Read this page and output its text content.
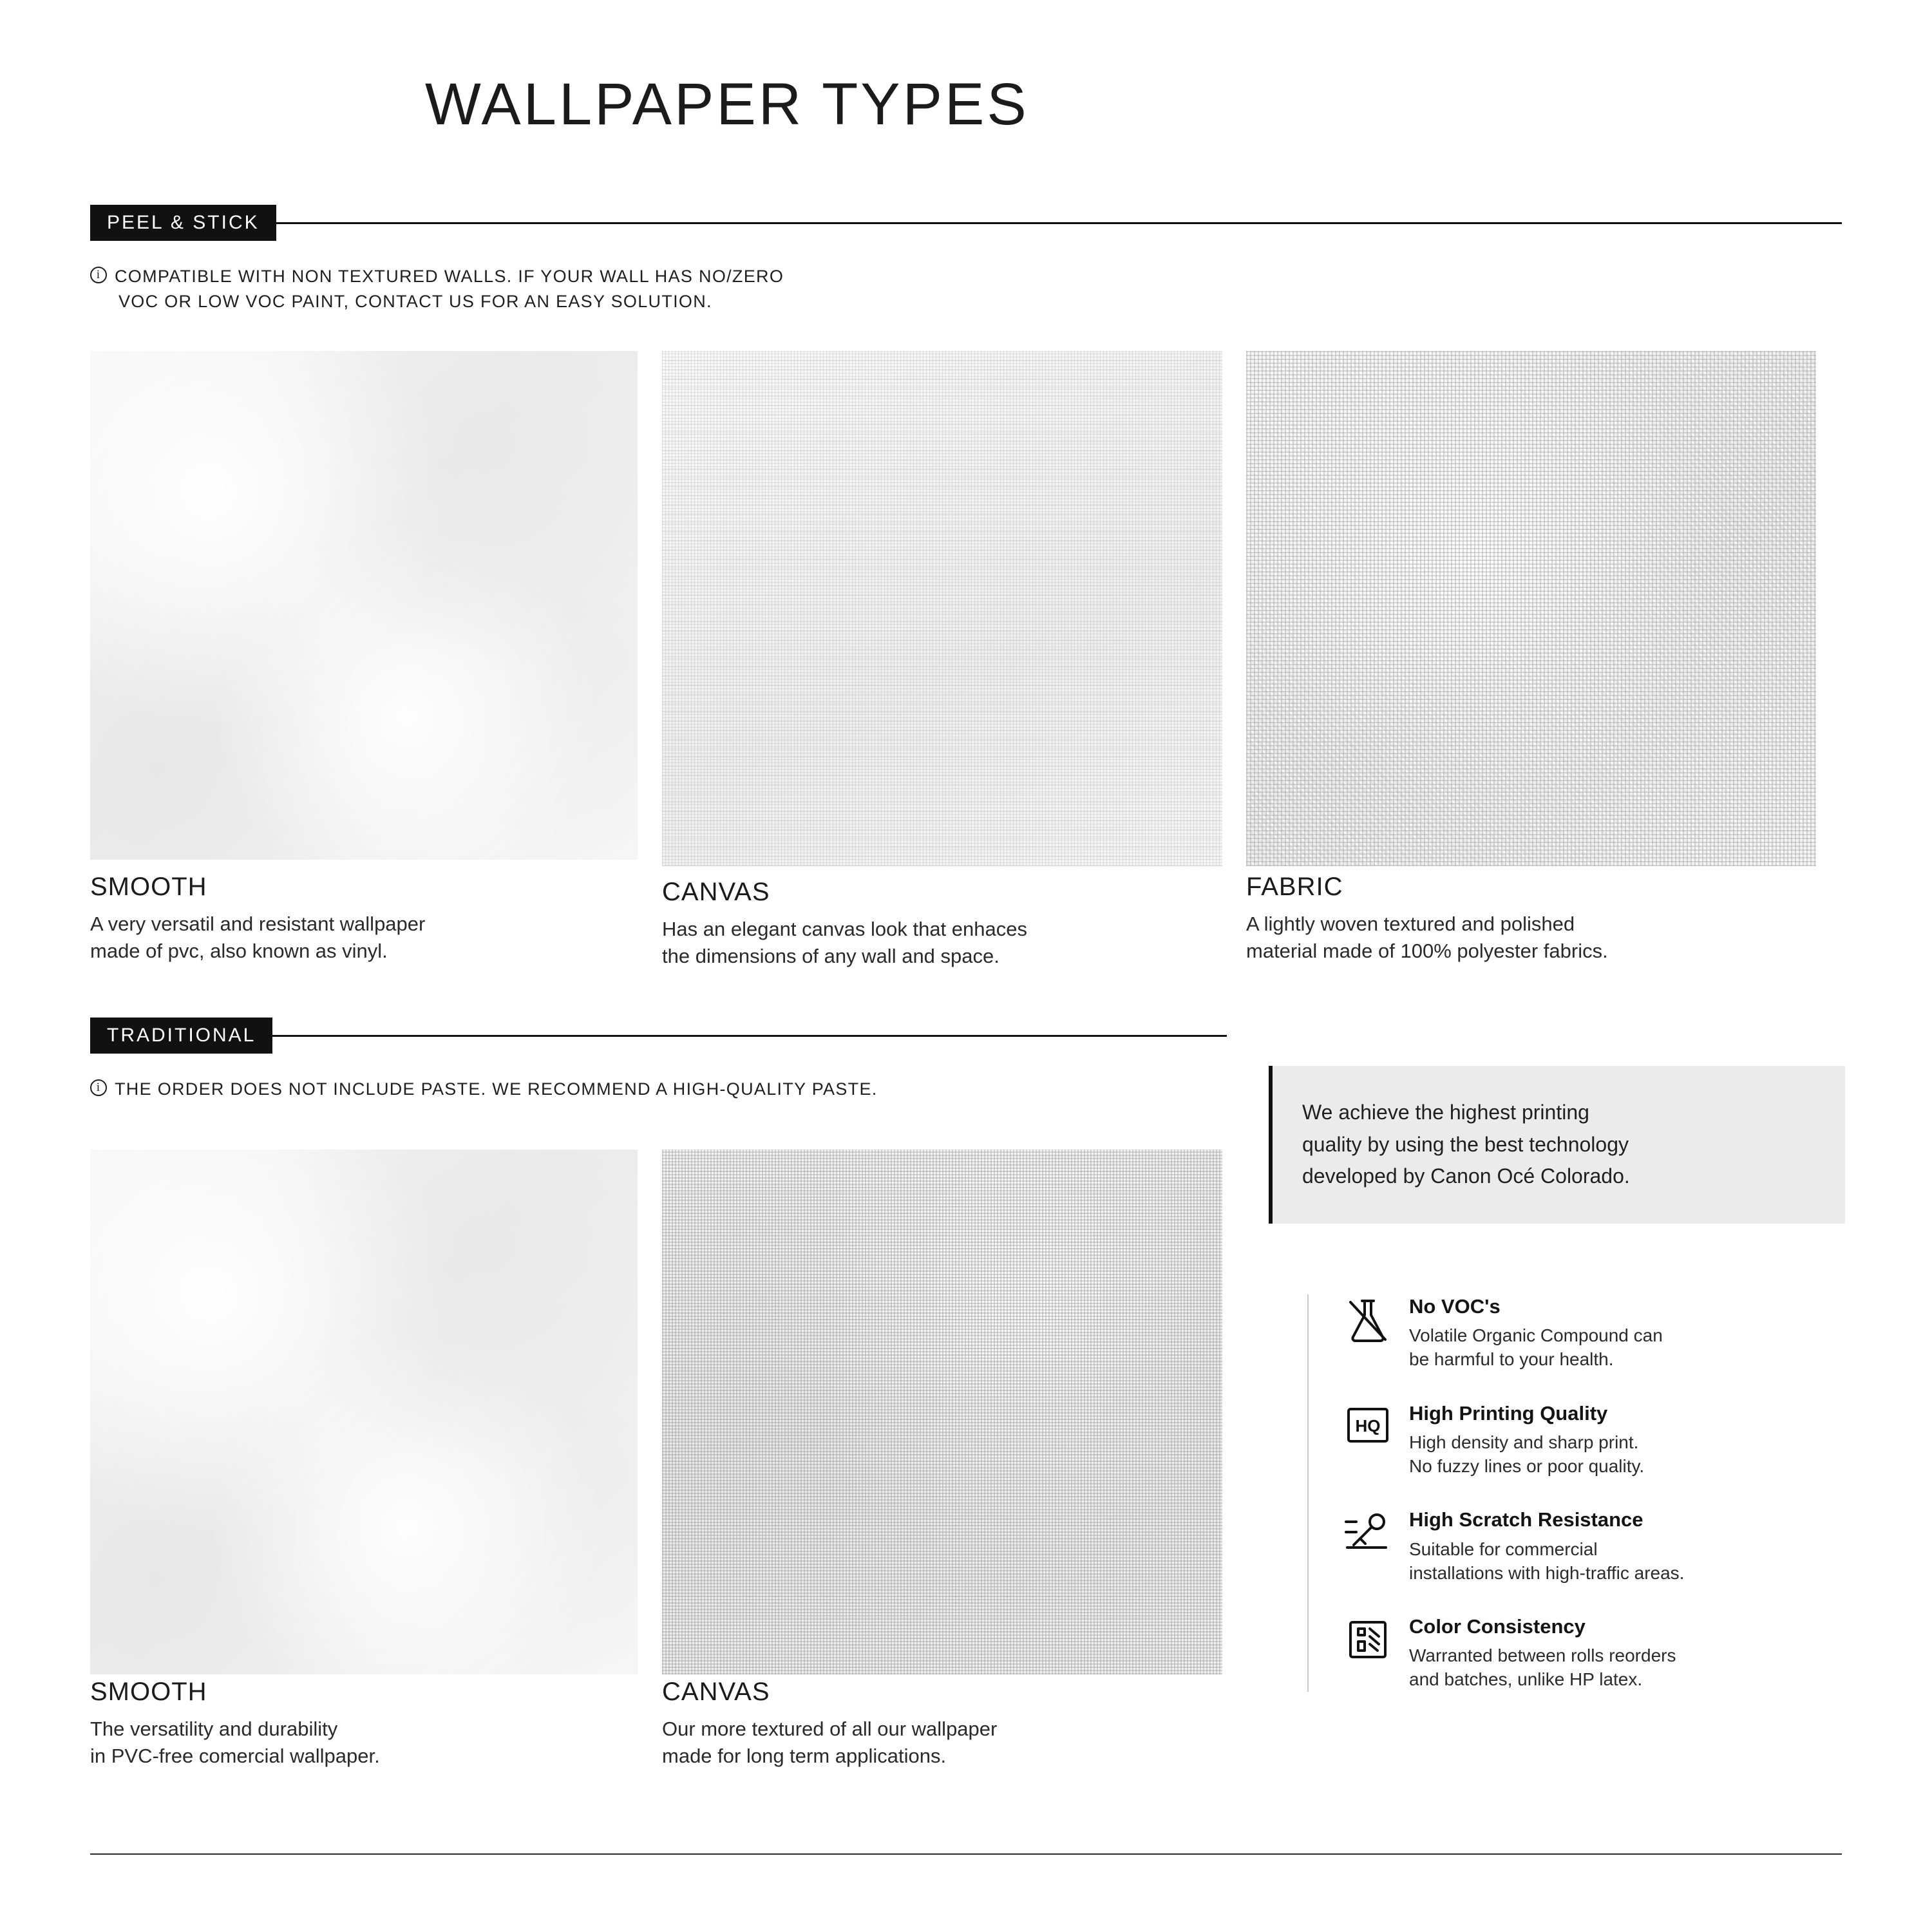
WALLPAPER TYPES
PEEL & STICK
i
COMPATIBLE WITH NON TEXTURED WALLS. IF YOUR WALL HAS NO/ZERO
VOC OR LOW VOC PAINT, CONTACT US FOR AN EASY SOLUTION.
SMOOTH
A very versatil and resistant wallpaper
made of pvc, also known as vinyl.
CANVAS
Has an elegant canvas look that enhaces
the dimensions of any wall and space.
FABRIC
A lightly woven textured and polished
material made of 100% polyester fabrics.
TRADITIONAL
i
THE ORDER DOES NOT INCLUDE PASTE. WE RECOMMEND A HIGH-QUALITY PASTE.
SMOOTH
The versatility and durability
in PVC-free comercial wallpaper.
CANVAS
Our more textured of all our wallpaper
made for long term applications.
We achieve the highest printing
quality by using the best technology
developed by Canon Océ Colorado.
No VOC's
Volatile Organic Compound can
be harmful to your health.
HQ
High Printing Quality
High density and sharp print.
No fuzzy lines or poor quality.
High Scratch Resistance
Suitable for commercial
installations with high-traffic areas.
Color Consistency
Warranted between rolls reorders
and batches, unlike HP latex.
